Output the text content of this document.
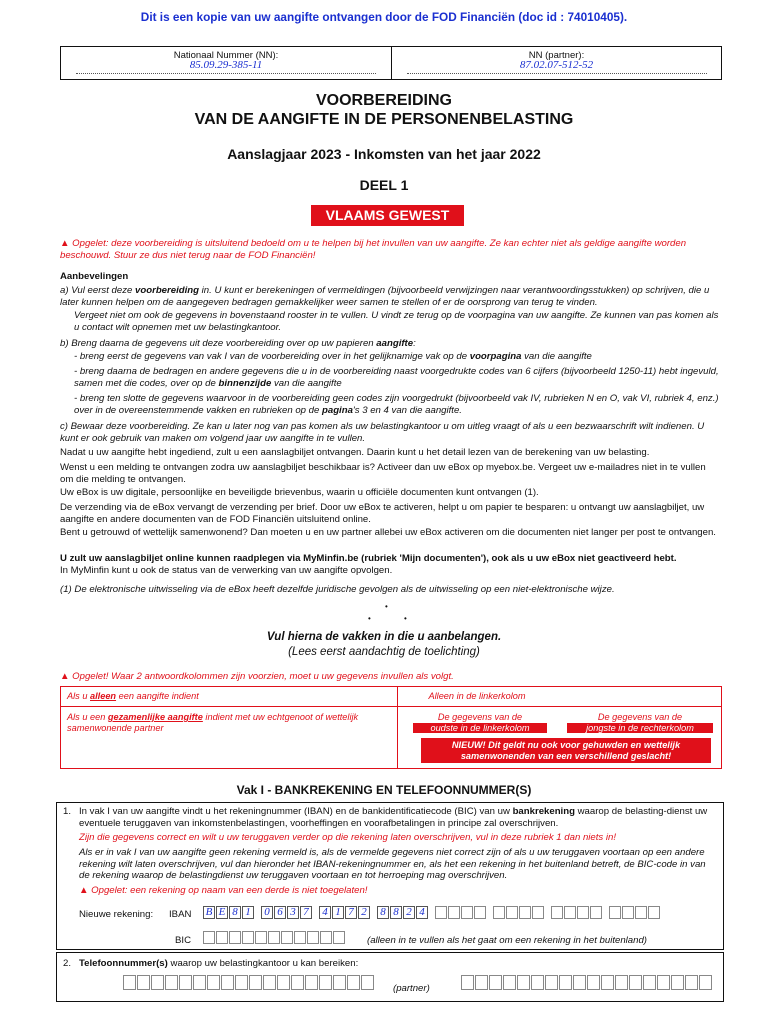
Dit is een kopie van uw aangifte ontvangen door de FOD Financiën (doc id : 74010405).
Nationaal Nummer (NN):
85.09.29-385-11
NN (partner):
87.02.07-512-52
VOORBEREIDING
VAN DE AANGIFTE IN DE PERSONENBELASTING
Aanslagjaar 2023 - Inkomsten van het jaar 2022
DEEL 1
VLAAMS GEWEST
▲ Opgelet: deze voorbereiding is uitsluitend bedoeld om u te helpen bij het invullen van uw aangifte. Ze kan echter niet als geldige aangifte worden beschouwd. Stuur ze dus niet terug naar de FOD Financiën!
Aanbevelingen
a) Vul eerst deze voorbereiding in. U kunt er berekeningen of vermeldingen (bijvoorbeeld verwijzingen naar verantwoordingsstukken) op schrijven, die u later kunnen helpen om de aangegeven bedragen gemakkelijker weer samen te stellen of er de oorsprong van terug te vinden.
Vergeet niet om ook de gegevens in bovenstaand rooster in te vullen. U vindt ze terug op de voorpagina van uw aangifte. Ze kunnen van pas komen als u contact wilt opnemen met uw belastingkantoor.
b) Breng daarna de gegevens uit deze voorbereiding over op uw papieren aangifte:
- breng eerst de gegevens van vak I van de voorbereiding over in het gelijknamige vak op de voorpagina van die aangifte
- breng daarna de bedragen en andere gegevens die u in de voorbereiding naast voorgedrukte codes van 6 cijfers (bijvoorbeeld 1250-11) hebt ingevuld, samen met die codes, over op de binnenzijde van die aangifte
- breng ten slotte de gegevens waarvoor in de voorbereiding geen codes zijn voorgedrukt (bijvoorbeeld vak IV, rubrieken N en O, vak VI, rubriek 4, enz.) over in de overeenstemmende vakken en rubrieken op de pagina's 3 en 4 van die aangifte.
c) Bewaar deze voorbereiding. Ze kan u later nog van pas komen als uw belastingkantoor u om uitleg vraagt of als u een bezwaarschrift wilt indienen. U kunt er ook gebruik van maken om volgend jaar uw aangifte in te vullen.
Nadat u uw aangifte hebt ingediend, zult u een aanslagbiljet ontvangen. Daarin kunt u het detail lezen van de berekening van uw belasting.
Wenst u een melding te ontvangen zodra uw aanslagbiljet beschikbaar is? Activeer dan uw eBox op myebox.be. Vergeet uw e-mailadres niet in te vullen om die melding te ontvangen.
Uw eBox is uw digitale, persoonlijke en beveiligde brievenbus, waarin u officiële documenten kunt ontvangen (1).
De verzending via de eBox vervangt de verzending per brief. Door uw eBox te activeren, helpt u om papier te besparen: u ontvangt uw aanslagbiljet, uw aangifte en andere documenten van de FOD Financiën uitsluitend online.
Bent u getrouwd of wettelijk samenwonend? Dan moeten u en uw partner allebei uw eBox activeren om die documenten niet langer per post te ontvangen.
U zult uw aanslagbiljet online kunnen raadplegen via MyMinfin.be (rubriek 'Mijn documenten'), ook als u uw eBox niet geactiveerd hebt.
In MyMinfin kunt u ook de status van de verwerking van uw aangifte opvolgen.
(1) De elektronische uitwisseling via de eBox heeft dezelfde juridische gevolgen als de uitwisseling op een niet-elektronische wijze.
•
•	•
Vul hierna de vakken in die u aanbelangen.
(Lees eerst aandachtig de toelichting)
▲ Opgelet! Waar 2 antwoordkolommen zijn voorzien, moet u uw gegevens invullen als volgt.
Als u alleen een aangifte indient	Alleen in de linkerkolom
Als u een gezamenlijke aangifte indient met uw echtgenoot of wettelijk samenwonende partner
De gegevens van de
oudste in de linkerkolom
De gegevens van de
jongste in de rechterkolom
NIEUW! Dit geldt nu ook voor gehuwden en wettelijk samenwonenden van een verschillend geslacht!
Vak I - BANKREKENING EN TELEFOONNUMMER(S)
1. In vak I van uw aangifte vindt u het rekeningnummer (IBAN) en de bankidentificatiecode (BIC) van uw bankrekening waarop de belasting-dienst uw eventuele teruggaven van inkomstenbelastingen, voorheffingen en voorafbetalingen in principe zal overschrijven.
Zijn die gegevens correct en wilt u uw teruggaven verder op die rekening laten overschrijven, vul in deze rubriek 1 dan niets in!
Als er in vak I van uw aangifte geen rekening vermeld is, als de vermelde gegevens niet correct zijn of als u uw teruggaven voortaan op een andere rekening wilt laten overschrijven, vul dan hieronder het IBAN-rekeningnummer en, als het een rekening in het buitenland betreft, de BIC-code in van de rekening waarop de belastingdienst uw teruggaven voortaan en tot herroeping mag overschrijven.
▲ Opgelet: een rekening op naam van een derde is niet toegelaten!
Nieuwe rekening: IBAN B E 8 1 0 6 3 7 4 1 7 2 8 8 2 4
BIC	(alleen in te vullen als het gaat om een rekening in het buitenland)
2. Telefoonnummer(s) waarop uw belastingkantoor u kan bereiken:
(partner)
